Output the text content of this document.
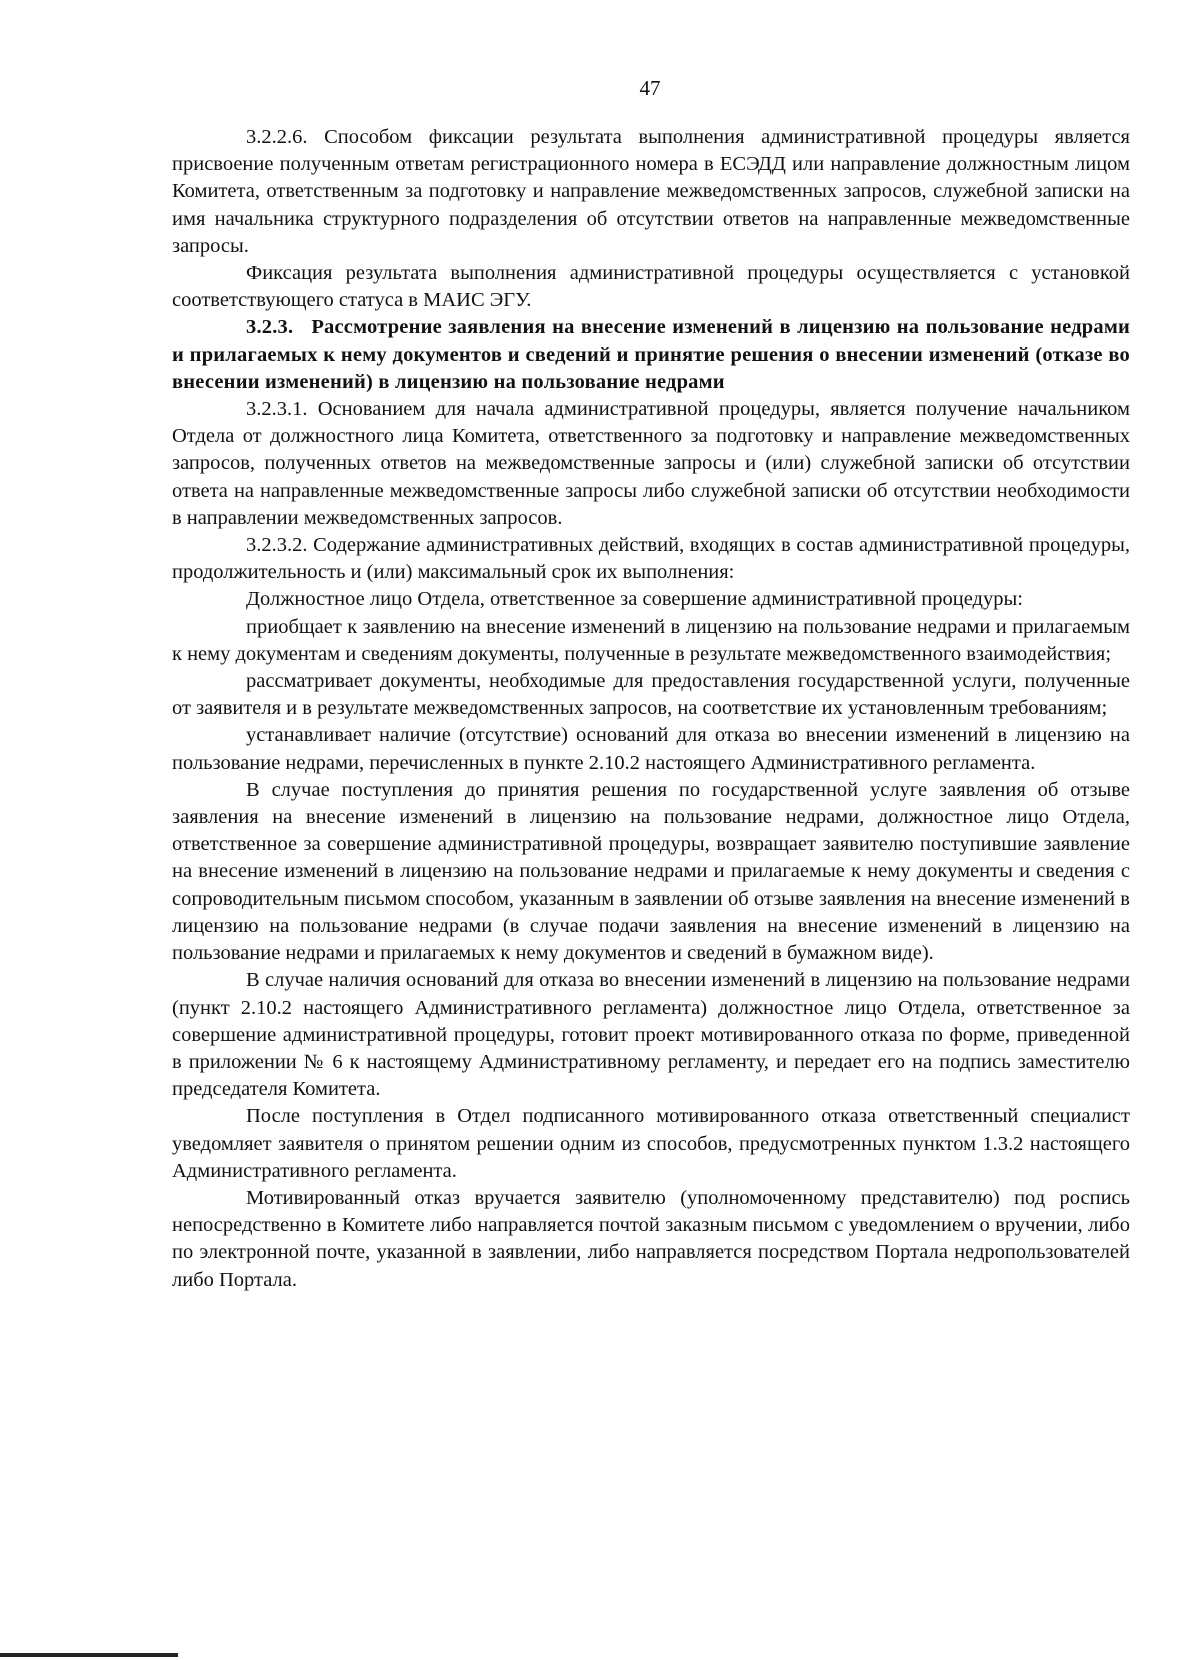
47

3.2.2.6. Способом фиксации результата выполнения административной процедуры является присвоение полученным ответам регистрационного номера в ЕСЭДД или направление должностным лицом Комитета, ответственным за подготовку и направление межведомственных запросов, служебной записки на имя начальника структурного подразделения об отсутствии ответов на направленные межведомственные запросы.

Фиксация результата выполнения административной процедуры осуществляется с установкой соответствующего статуса в МАИС ЭГУ.

3.2.3. Рассмотрение заявления на внесение изменений в лицензию на пользование недрами и прилагаемых к нему документов и сведений и принятие решения о внесении изменений (отказе во внесении изменений) в лицензию на пользование недрами

3.2.3.1. Основанием для начала административной процедуры, является получение начальником Отдела от должностного лица Комитета, ответственного за подготовку и направление межведомственных запросов, полученных ответов на межведомственные запросы и (или) служебной записки об отсутствии ответа на направленные межведомственные запросы либо служебной записки об отсутствии необходимости в направлении межведомственных запросов.

3.2.3.2. Содержание административных действий, входящих в состав административной процедуры, продолжительность и (или) максимальный срок их выполнения:

Должностное лицо Отдела, ответственное за совершение административной процедуры:

приобщает к заявлению на внесение изменений в лицензию на пользование недрами и прилагаемым к нему документам и сведениям документы, полученные в результате межведомственного взаимодействия;

рассматривает документы, необходимые для предоставления государственной услуги, полученные от заявителя и в результате межведомственных запросов, на соответствие их установленным требованиям;

устанавливает наличие (отсутствие) оснований для отказа во внесении изменений в лицензию на пользование недрами, перечисленных в пункте 2.10.2 настоящего Административного регламента.

В случае поступления до принятия решения по государственной услуге заявления об отзыве заявления на внесение изменений в лицензию на пользование недрами, должностное лицо Отдела, ответственное за совершение административной процедуры, возвращает заявителю поступившие заявление на внесение изменений в лицензию на пользование недрами и прилагаемые к нему документы и сведения с сопроводительным письмом способом, указанным в заявлении об отзыве заявления на внесение изменений в лицензию на пользование недрами (в случае подачи заявления на внесение изменений в лицензию на пользование недрами и прилагаемых к нему документов и сведений в бумажном виде).

В случае наличия оснований для отказа во внесении изменений в лицензию на пользование недрами (пункт 2.10.2 настоящего Административного регламента) должностное лицо Отдела, ответственное за совершение административной процедуры, готовит проект мотивированного отказа по форме, приведенной в приложении № 6 к настоящему Административному регламенту, и передает его на подпись заместителю председателя Комитета.

После поступления в Отдел подписанного мотивированного отказа ответственный специалист уведомляет заявителя о принятом решении одним из способов, предусмотренных пунктом 1.3.2 настоящего Административного регламента.

Мотивированный отказ вручается заявителю (уполномоченному представителю) под роспись непосредственно в Комитете либо направляется почтой заказным письмом с уведомлением о вручении, либо по электронной почте, указанной в заявлении, либо направляется посредством Портала недропользователей либо Портала.
